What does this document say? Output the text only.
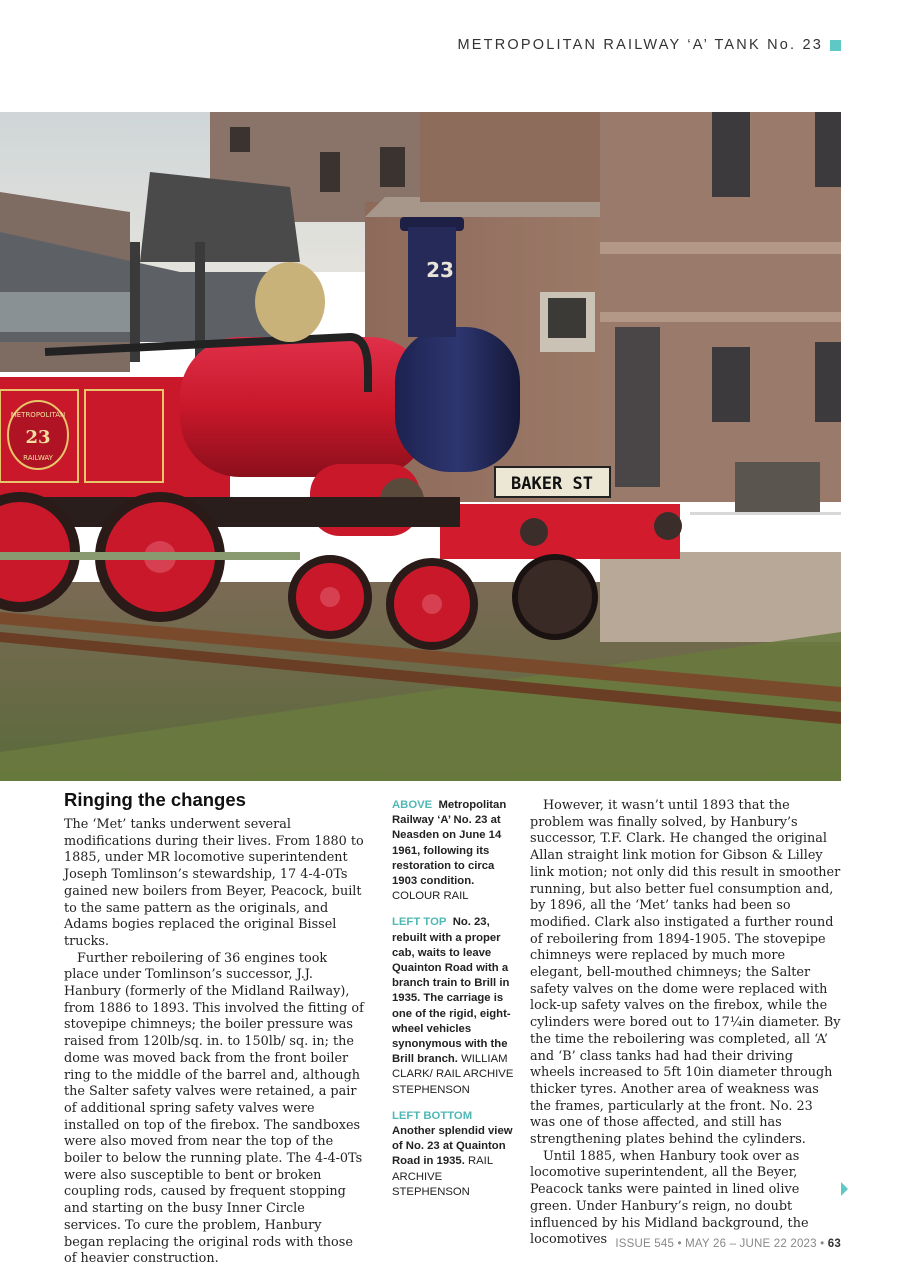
METROPOLITAN RAILWAY ‘A’ TANK No. 23
METROPOLITAN
23
RAILWAY
23
BAKER ST
Ringing the changes

The ‘Met’ tanks underwent several modifications during their lives. From 1880 to 1885, under MR locomotive superintendent Joseph Tomlinson’s stewardship, 17 4-4-0Ts gained new boilers from Beyer, Peacock, built to the same pattern as the originals, and Adams bogies replaced the original Bissel trucks.

Further reboilering of 36 engines took place under Tomlinson’s successor, J.J. Hanbury (formerly of the Midland Railway), from 1886 to 1893. This involved the fitting of stovepipe chimneys; the boiler pressure was raised from 120lb/sq. in. to 150lb/ sq. in; the dome was moved back from the front boiler ring to the middle of the barrel and, although the Salter safety valves were retained, a pair of additional spring safety valves were installed on top of the firebox. The sandboxes were also moved from near the top of the boiler to below the running plate. The 4-4-0Ts were also susceptible to bent or broken coupling rods, caused by frequent stopping and starting on the busy Inner Circle services. To cure the problem, Hanbury began replacing the original rods with those of heavier construction.

ABOVE Metropolitan Railway ‘A’ No. 23 at Neasden on June 14 1961, following its restoration to circa 1903 condition. COLOUR RAIL
LEFT TOP No. 23, rebuilt with a proper cab, waits to leave Quainton Road with a branch train to Brill in 1935. The carriage is one of the rigid, eight-wheel vehicles synonymous with the Brill branch. WILLIAM CLARK/ RAIL ARCHIVE STEPHENSON
LEFT BOTTOM  Another splendid view of No. 23 at Quainton Road in 1935. RAIL ARCHIVE STEPHENSON

However, it wasn’t until 1893 that the problem was finally solved, by Hanbury’s successor, T.F. Clark. He changed the original Allan straight link motion for Gibson & Lilley link motion; not only did this result in smoother running, but also better fuel consumption and, by 1896, all the ‘Met’ tanks had been so modified. Clark also instigated a further round of reboilering from 1894-1905. The stovepipe chimneys were replaced by much more elegant, bell-mouthed chimneys; the Salter safety valves on the dome were replaced with lock-up safety valves on the firebox, while the cylinders were bored out to 17¼in diameter. By the time the reboilering was completed, all ‘A’ and ‘B’ class tanks had had their driving wheels increased to 5ft 10in diameter through thicker tyres. Another area of weakness was the frames, particularly at the front. No. 23 was one of those affected, and still has strengthening plates behind the cylinders.

Until 1885, when Hanbury took over as locomotive superintendent, all the Beyer, Peacock tanks were painted in lined olive green. Under Hanbury’s reign, no doubt influenced by his Midland background, the locomotives ISSUE 545 • MAY 26 – JUNE 22 2023 • 63
